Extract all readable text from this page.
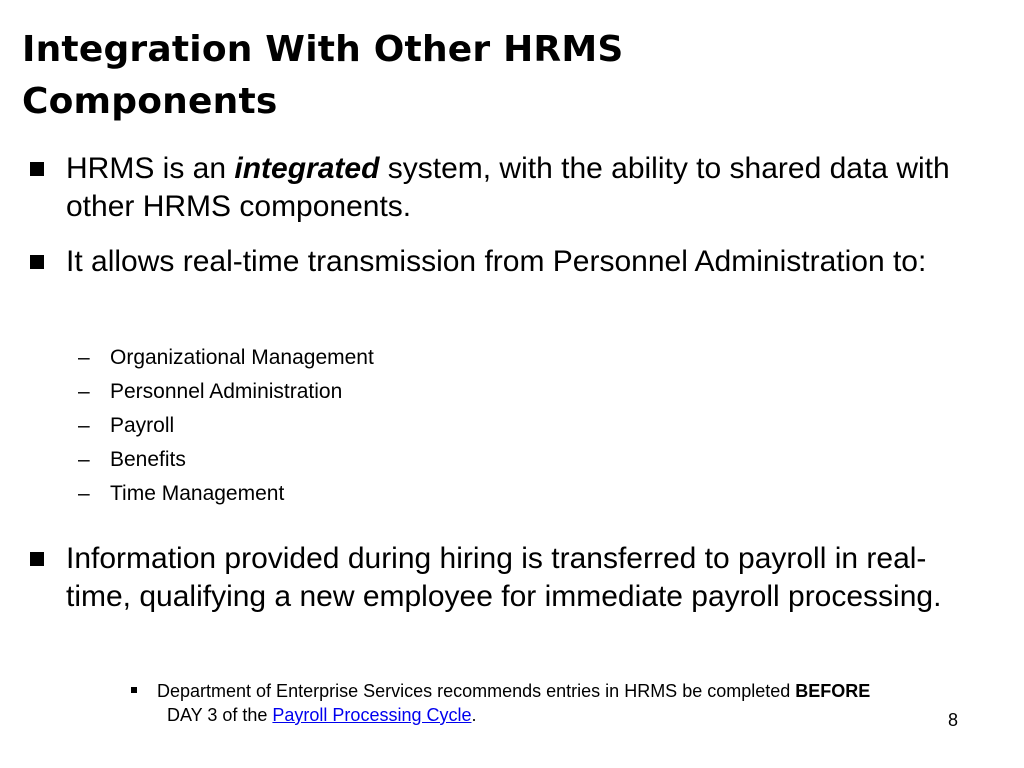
Integration With Other HRMS
Components
HRMS is an integrated system, with the ability to shared data with other HRMS components.
It allows real-time transmission from Personnel Administration to:
– Organizational Management
– Personnel Administration
– Payroll
– Benefits
– Time Management
Information provided during hiring is transferred to payroll in real-time, qualifying a new employee for immediate payroll processing.
Department of Enterprise Services recommends entries in HRMS be completed BEFORE  DAY 3 of the Payroll Processing Cycle.	8
